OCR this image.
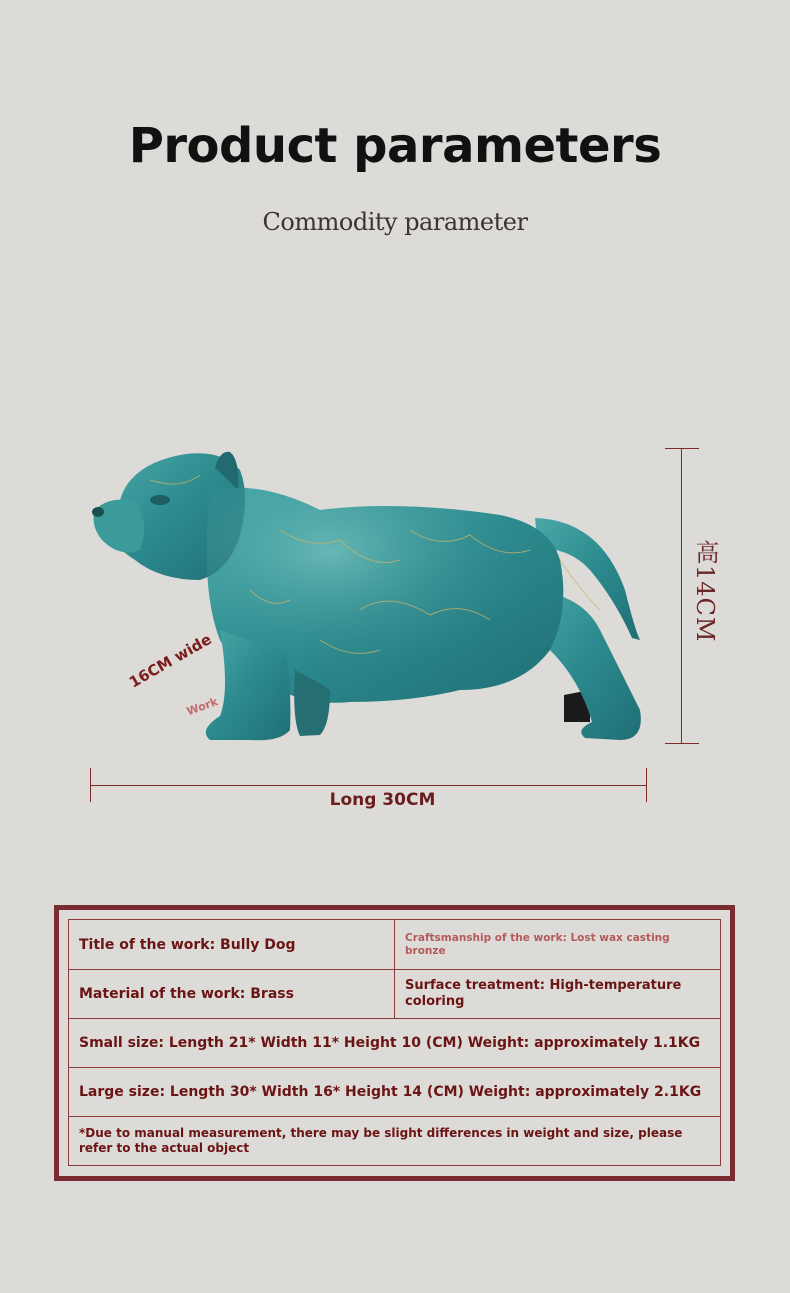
Product parameters
Commodity parameter
高14CM
Long 30CM
16CM wide
Work
Title of the work: Bully Dog	Craftsmanship of the work: Lost wax casting bronze
Material of the work: Brass
Surface treatment: High-temperature coloring
Small size: Length 21* Width 11* Height 10 (CM) Weight: approximately 1.1KG
Large size: Length 30* Width 16* Height 14 (CM) Weight: approximately 2.1KG
*Due to manual measurement, there may be slight differences in weight and size, please refer to the actual object
